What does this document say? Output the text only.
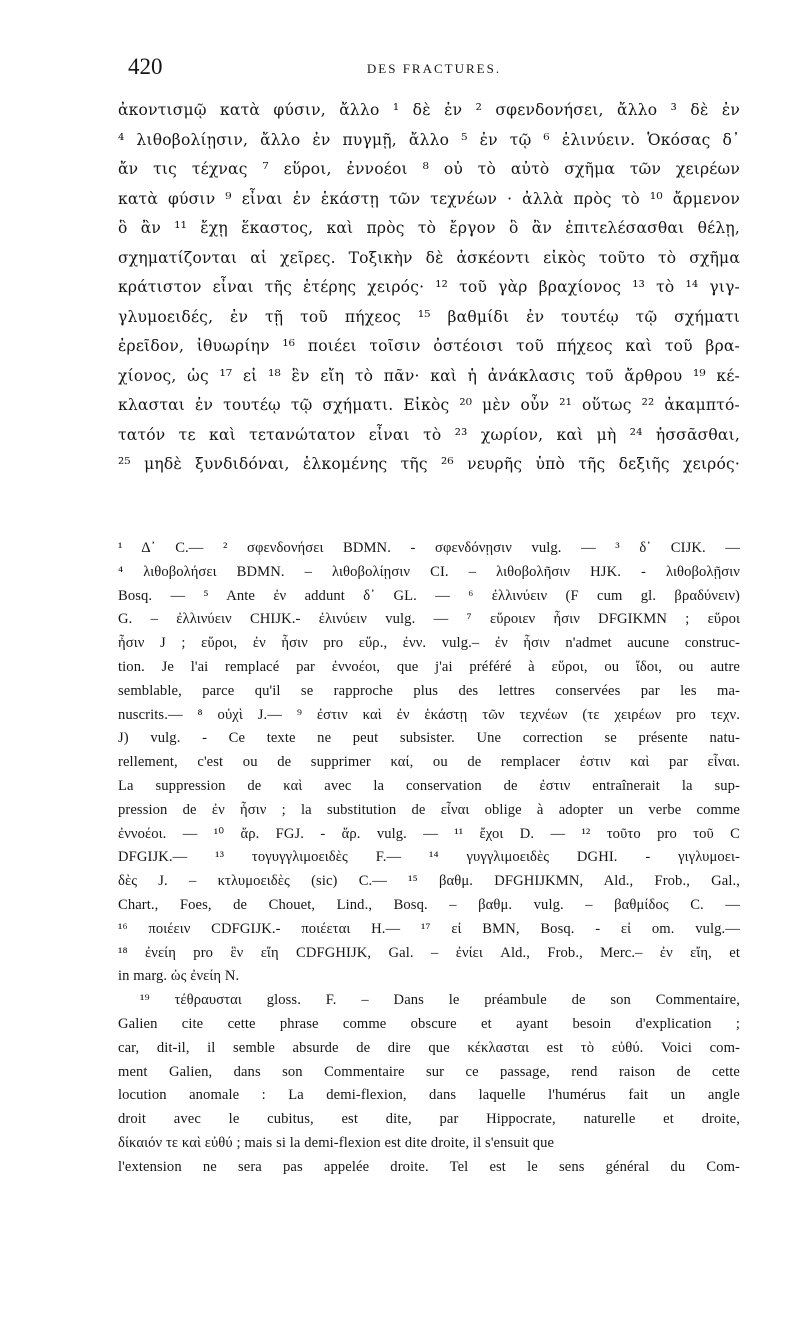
420	DES FRACTURES.
ἀκοντισμῷ κατὰ φύσιν, ἄλλο ¹ δὲ ἐν ² σφενδονήσει, ἄλλο ³ δὲ ἐν
⁴ λιθοβολίῃσιν, ἄλλο ἐν πυγμῇ, ἄλλο ⁵ ἐν τῷ ⁶ ἐλινύειν. Ὁκόσας δ᾽
ἄν τις τέχνας ⁷ εὕροι, ἐννοέοι ⁸ οὐ τὸ αὐτὸ σχῆμα τῶν χειρέων
κατὰ φύσιν ⁹ εἶναι ἐν ἑκάστῃ τῶν τεχνέων · ἀλλὰ πρὸς τὸ ¹⁰ ἄρμενον
ὃ ἂν ¹¹ ἔχῃ ἕκαστος, καὶ πρὸς τὸ ἔργον ὃ ἂν ἐπιτελέσασθαι θέλῃ,
σχηματίζονται αἱ χεῖρες. Τοξικὴν δὲ ἀσκέοντι εἰκὸς τοῦτο τὸ σχῆμα
κράτιστον εἶναι τῆς ἑτέρης χειρός· ¹² τοῦ γὰρ βραχίονος ¹³ τὸ ¹⁴ γιγ-
γλυμοειδές, ἐν τῇ τοῦ πήχεος ¹⁵ βαθμίδι ἐν τουτέῳ τῷ σχήματι
ἐρεῖδον, ἰθυωρίην ¹⁶ ποιέει τοῖσιν ὀστέοισι τοῦ πήχεος καὶ τοῦ βρα-
χίονος, ὡς ¹⁷ εἰ ¹⁸ ἓν εἴη τὸ πᾶν· καὶ ἡ ἀνάκλασις τοῦ ἄρθρου ¹⁹ κέ-
κλασται ἐν τουτέῳ τῷ σχήματι. Εἰκὸς ²⁰ μὲν οὖν ²¹ οὕτως ²² ἀκαμπτό-
τατόν τε καὶ τετανώτατον εἶναι τὸ ²³ χωρίον, καὶ μὴ ²⁴ ἡσσᾶσθαι,
²⁵ μηδὲ ξυνδιδόναι, ἑλκομένης τῆς ²⁶ νευρῆς ὑπὸ τῆς δεξιῆς χειρός·
¹ Δ᾽ C.— ² σφενδονήσει BDMN. - σφενδόνῃσιν vulg. — ³ δ᾽ CIJK. —
⁴ λιθοβολήσει BDMN. – λιθοβολίῃσιν CI. – λιθοβολῆσιν HJK. - λιθοβολῇσιν
Bosq. — ⁵ Ante ἐν addunt δ᾽ GL. — ⁶ ἐλλινύειν (F cum gl. βραδύνειν)
G. – ἐλλινύειν CHIJK.- ἐλινύειν vulg. — ⁷ εὕροιεν ἦσιν DFGIKMN ; εὕροι
ἦσιν J ; εὕροι, ἐν ἧσιν pro εὕρ., ἐνν. vulg.– ἐν ἧσιν n'admet aucune construc-
tion. Je l'ai remplacé par ἐννοέοι, que j'ai préféré à εὕροι, ou ἴδοι, ou autre
semblable, parce qu'il se rapproche plus des lettres conservées par les ma-
nuscrits.— ⁸ οὐχὶ J.— ⁹ ἐστιν καὶ ἐν ἑκάστῃ τῶν τεχνέων (τε χειρέων pro τεχν.
J) vulg. - Ce texte ne peut subsister. Une correction se présente natu-
rellement, c'est ou de supprimer καί, ou de remplacer ἐστιν καὶ par εἶναι.
La suppression de καὶ avec la conservation de ἐστιν entraînerait la sup-
pression de ἐν ἧσιν ; la substitution de εἶναι oblige à adopter un verbe comme
ἐννοέοι. — ¹⁰ ἄρ. FGJ. - ἄρ. vulg. — ¹¹ ἔχοι D. — ¹² τοῦτο pro τοῦ C
DFGIJK.— ¹³ τογυγγλιμοειδὲς F.— ¹⁴ γυγγλιμοειδὲς DGHI. - γιγλυμοει-
δὲς J. – κτλυμοειδὲς (sic) C.— ¹⁵ βαθμ. DFGHIJKMN, Ald., Frob., Gal.,
Chart., Foes, de Chouet, Lind., Bosq. – βαθμ. vulg. – βαθμίδος C. —
¹⁶ ποιέειν CDFGIJK.- ποιέεται H.— ¹⁷ εἰ BMN, Bosq. - εἰ om. vulg.—
¹⁸ ἐνείη pro ἓν εἴη CDFGHIJK, Gal. – ἐνίει Ald., Frob., Merc.– ἐν εἴη, et
in marg. ὡς ἐνείη N.
¹⁹ τέθραυσται gloss. F. – Dans le préambule de son Commentaire,
Galien cite cette phrase comme obscure et ayant besoin d'explication ;
car, dit-il, il semble absurde de dire que κέκλασται est τὸ εὐθύ. Voici com-
ment Galien, dans son Commentaire sur ce passage, rend raison de cette
locution anomale : La demi-flexion, dans laquelle l'humérus fait un angle
droit avec le cubitus, est dite, par Hippocrate, naturelle et droite,
δίκαιόν τε καὶ εὐθύ ; mais si la demi-flexion est dite droite, il s'ensuit que
l'extension ne sera pas appelée droite. Tel est le sens général du Com-
